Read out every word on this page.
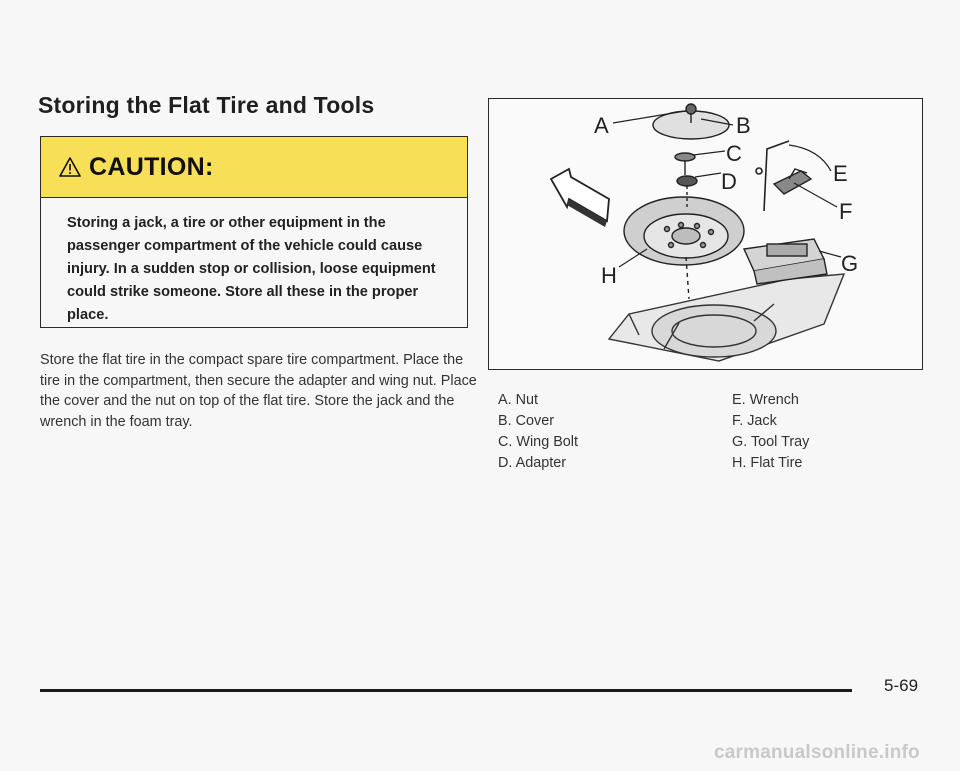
Storing the Flat Tire and Tools
CAUTION:

Storing a jack, a tire or other equipment in the passenger compartment of the vehicle could cause injury. In a sudden stop or collision, loose equipment could strike someone. Store all these in the proper place.

Store the flat tire in the compact spare tire compartment. Place the tire in the compartment, then secure the adapter and wing nut. Place the cover and the nut on top of the flat tire. Store the jack and the wrench in the foam tray.

A	B
C
D	E
F
G
H
A. Nut
B. Cover
C. Wing Bolt
D. Adapter
E. Wrench
F. Jack
G. Tool Tray
H. Flat Tire
5-69
carmanualsonline.info
